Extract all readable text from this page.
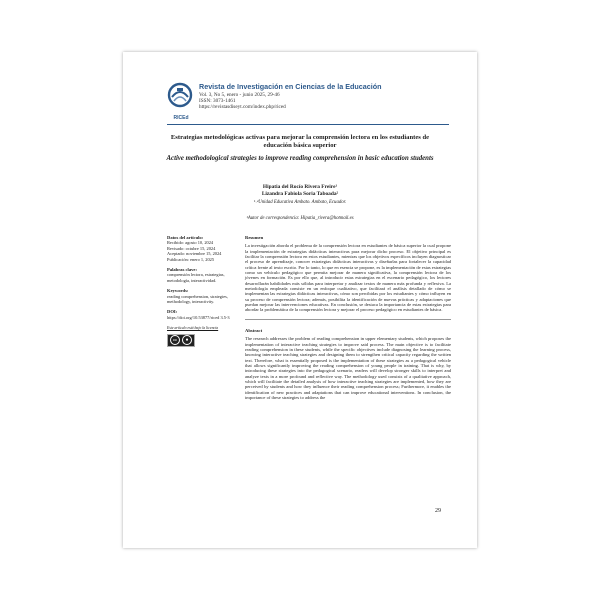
RICEd
Revista de Investigación en Ciencias de la Educación
Vol. 3, No 5, enero - junio 2025, 29-46
ISSN: 3073-1461
https://revistasdiseyt.com/index.php/riced
Estrategias metodológicas activas para mejorar la comprensión lectora en los estudiantes de educación básica superior
Active methodological strategies to improve reading comprehension in basic education students
Hipatia del Rocío Rivera Freire¹
Lizandra Fabiola Soria Taboada²
¹˒²Unidad Educativa Ambato. Ambato, Ecuador.
¹Autor de correspondencia: Hipatia_rivera@hotmail.es
Datos del artículo:
Recibido: agosto 10, 2024
Revisado: octubre 15, 2024
Aceptado: noviembre 15, 2024
Publicación: enero 1, 2025
Palabras clave:
comprensión lectora, estrategias, metodología, interactividad.
Keywords:
reading comprehension, strategies, methodology, interactivity.
DOI:
https://doi.org/10.53877/riced 3.5-3
Este artículo está bajo la licencia
cc	●
Resumen

La investigación aborda el problema de la comprensión lectora en estudiantes de básica superior la cual propone la implementación de estrategias didácticas interactivas para mejorar dicho proceso. El objetivo principal es facilitar la comprensión lectora en estos estudiantes, mientras que los objetivos específicos incluyen diagnosticar el proceso de aprendizaje, conocer estrategias didácticas interactivas y diseñarlas para fortalecer la capacidad crítica frente al texto escrito. Por lo tanto, lo que en esencia se propone, es la implementación de estas estrategias como un vehículo pedagógico que permita mejorar de manera significativa, la comprensión lectora de los jóvenes en formación. Es por ello que, al introducir estas estrategias en el escenario pedagógico, los lectores desarrollarán habilidades más sólidas para interpretar y analizar textos de manera más profunda y reflexiva. La metodología empleada consiste en un enfoque cualitativo, que facilitará el análisis detallado de cómo se implementan las estrategias didácticas interactivas, cómo son percibidas por los estudiantes y cómo influyen en su proceso de comprensión lectora; además, posibilita la identificación de nuevas prácticas y adaptaciones que puedan mejorar las intervenciones educativas. En conclusión, se destaca la importancia de estas estrategias para abordar la problemática de la comprensión lectora y mejorar el proceso pedagógico en estudiantes de básica.

Abstract

The research addresses the problem of reading comprehension in upper elementary students, which proposes the implementation of interactive teaching strategies to improve said process. The main objective is to facilitate reading comprehension in these students, while the specific objectives include diagnosing the learning process, knowing interactive teaching strategies and designing them to strengthen critical capacity regarding the written text. Therefore, what is essentially proposed is the implementation of these strategies as a pedagogical vehicle that allows significantly improving the reading comprehension of young people in training. That is why, by introducing these strategies into the pedagogical scenario, readers will develop stronger skills to interpret and analyze texts in a more profound and reflective way. The methodology used consists of a qualitative approach, which will facilitate the detailed analysis of how interactive teaching strategies are implemented, how they are perceived by students and how they influence their reading comprehension process; Furthermore, it enables the identification of new practices and adaptations that can improve educational interventions. In conclusion, the importance of these strategies to address the

29
